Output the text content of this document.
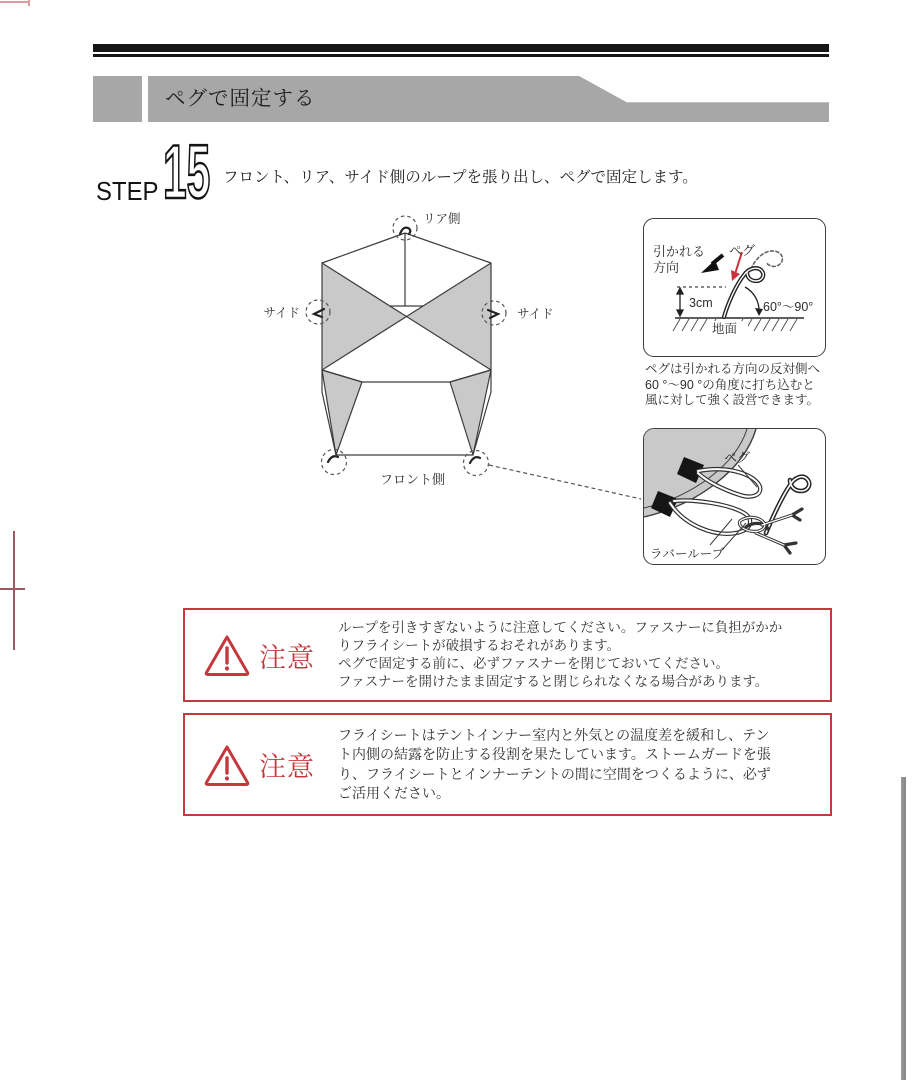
ペグで固定する
STEP 15 フロント、リア、サイド側のループを張り出し、ペグで固定します。
リア側
サイド	サイド
フロント側
引かれる
方向
ペグ
3cm	60°〜90°
地面
ペグは引かれる方向の反対側へ
60 °〜90 °の角度に打ち込むと
風に対して強く設営できます。
ペグ
ラバーループ
注意
ループを引きすぎないように注意してください。ファスナーに負担がかか
りフライシートが破損するおそれがあります。
ペグで固定する前に、必ずファスナーを閉じておいてください。
ファスナーを開けたまま固定すると閉じられなくなる場合があります。
注意
フライシートはテントインナー室内と外気との温度差を緩和し、テン
ト内側の結露を防止する役割を果たしています。ストームガードを張
り、フライシートとインナーテントの間に空間をつくるように、必ず
ご活用ください。
